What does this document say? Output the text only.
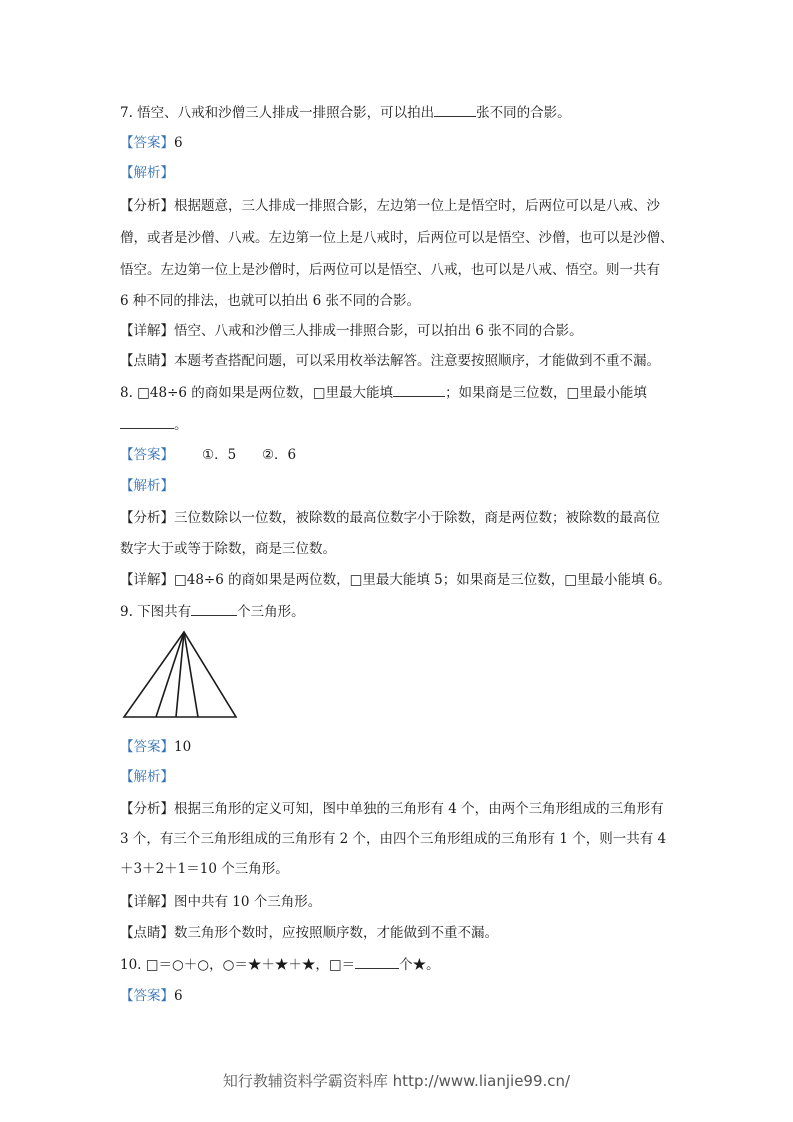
7. 悟空、八戒和沙僧三人排成一排照合影，可以拍出	张不同的合影。
【答案】6
【解析】
【分析】根据题意，三人排成一排照合影，左边第一位上是悟空时，后两位可以是八戒、沙
僧，或者是沙僧、八戒。左边第一位上是八戒时，后两位可以是悟空、沙僧，也可以是沙僧、
悟空。左边第一位上是沙僧时，后两位可以是悟空、八戒，也可以是八戒、悟空。则一共有
6 种不同的排法，也就可以拍出 6 张不同的合影。
【详解】悟空、八戒和沙僧三人排成一排照合影，可以拍出 6 张不同的合影。
【点睛】本题考查搭配问题，可以采用枚举法解答。注意要按照顺序，才能做到不重不漏。
8. □48÷6 的商如果是两位数，□里最大能填	；如果商是三位数，□里最小能填
。
【答案】 ①．5      ②．6
【解析】
【分析】三位数除以一位数，被除数的最高位数字小于除数，商是两位数；被除数的最高位
数字大于或等于除数，商是三位数。
【详解】□48÷6 的商如果是两位数，□里最大能填 5；如果商是三位数，□里最小能填 6。
9. 下图共有	个三角形。
【答案】10
【解析】
【分析】根据三角形的定义可知，图中单独的三角形有 4 个，由两个三角形组成的三角形有
3 个，有三个三角形组成的三角形有 2 个，由四个三角形组成的三角形有 1 个，则一共有 4
＋3＋2＋1＝10 个三角形。
【详解】图中共有 10 个三角形。
【点睛】数三角形个数时，应按照顺序数，才能做到不重不漏。
10. □＝○＋○，○＝★＋★＋★，□＝	个★。
【答案】6
知行教辅资料学霸资料库 http://www.lianjie99.cn/
